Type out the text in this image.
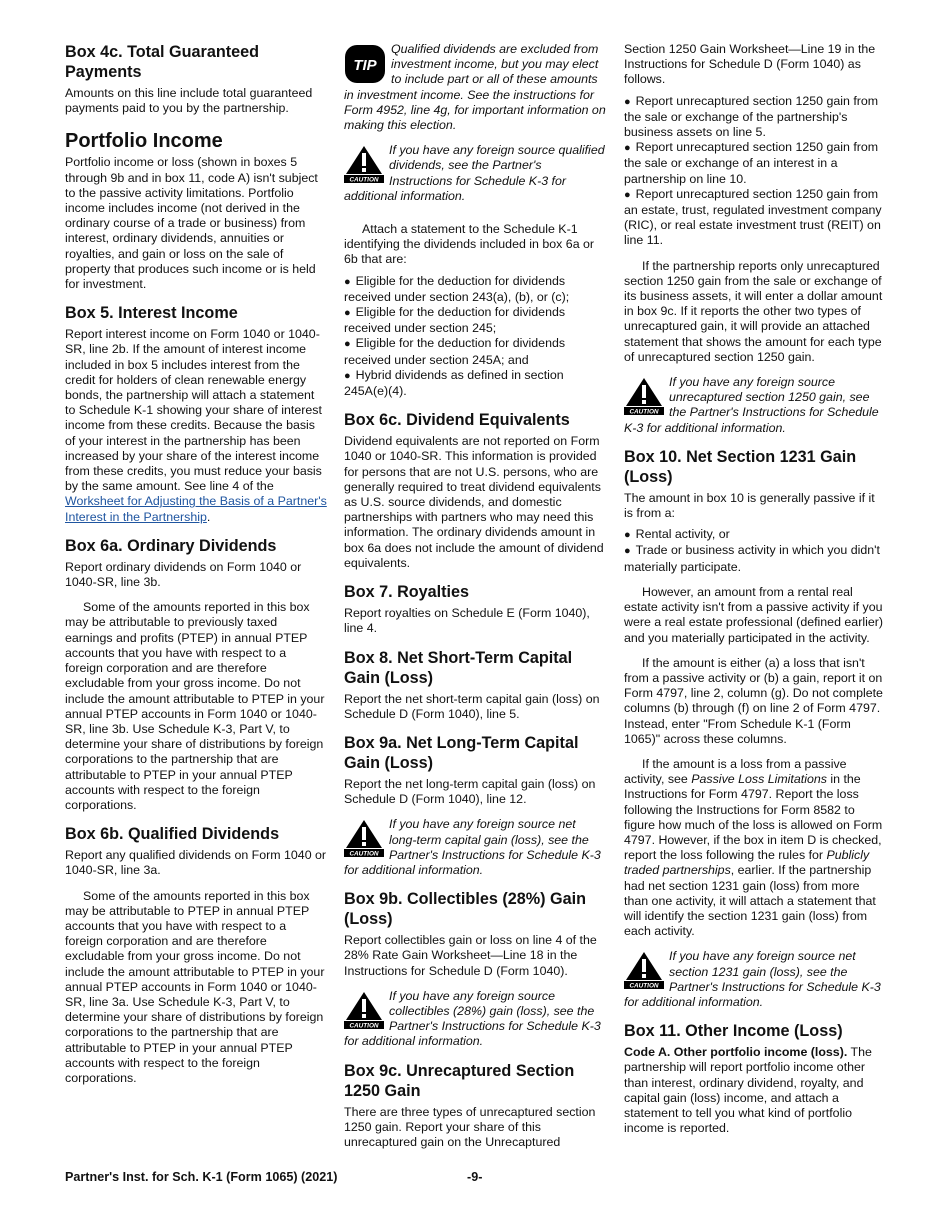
Box 4c. Total Guaranteed Payments

Amounts on this line include total guaranteed payments paid to you by the partnership.

Portfolio Income

Portfolio income or loss (shown in boxes 5 through 9b and in box 11, code A) isn't subject to the passive activity limitations. Portfolio income includes income (not derived in the ordinary course of a trade or business) from interest, ordinary dividends, annuities or royalties, and gain or loss on the sale of property that produces such income or is held for investment.

Box 5. Interest Income

Report interest income on Form 1040 or 1040-SR, line 2b. If the amount of interest income included in box 5 includes interest from the credit for holders of clean renewable energy bonds, the partnership will attach a statement to Schedule K-1 showing your share of interest income from these credits. Because the basis of your interest in the partnership has been increased by your share of the interest income from these credits, you must reduce your basis by the same amount. See line 4 of the Worksheet for Adjusting the Basis of a Partner's Interest in the Partnership.

Box 6a. Ordinary Dividends

Report ordinary dividends on Form 1040 or 1040-SR, line 3b.

Some of the amounts reported in this box may be attributable to previously taxed earnings and profits (PTEP) in annual PTEP accounts that you have with respect to a foreign corporation and are therefore excludable from your gross income. Do not include the amount attributable to PTEP in your annual PTEP accounts in Form 1040 or 1040-SR, line 3b. Use Schedule K-3, Part V, to determine your share of distributions by foreign corporations to the partnership that are attributable to PTEP in your annual PTEP accounts with respect to the foreign corporations.

Box 6b. Qualified Dividends

Report any qualified dividends on Form 1040 or 1040-SR, line 3a.

Some of the amounts reported in this box may be attributable to PTEP in annual PTEP accounts that you have with respect to a foreign corporation and are therefore excludable from your gross income. Do not include the amount attributable to PTEP in your annual PTEP accounts in Form 1040 or 1040-SR, line 3a. Use Schedule K-3, Part V, to determine your share of distributions by foreign corporations to the partnership that are attributable to PTEP in your annual PTEP accounts with respect to the foreign corporations.

TIP
Qualified dividends are excluded from investment income, but you may elect to include part or all of these amounts in investment income. See the instructions for Form 4952, line 4g, for important information on making this election.
CAUTION
If you have any foreign source qualified dividends, see the Partner's Instructions for Schedule K-3 for additional information.

Attach a statement to the Schedule K-1 identifying the dividends included in box 6a or 6b that are:

● Eligible for the deduction for dividends received under section 243(a), (b), or (c);
● Eligible for the deduction for dividends received under section 245;
● Eligible for the deduction for dividends received under section 245A; and
● Hybrid dividends as defined in section 245A(e)(4).
Box 6c. Dividend Equivalents

Dividend equivalents are not reported on Form 1040 or 1040-SR. This information is provided for persons that are not U.S. persons, who are generally required to treat dividend equivalents as U.S. source dividends, and domestic partnerships with partners who may need this information. The ordinary dividends amount in box 6a does not include the amount of dividend equivalents.

Box 7. Royalties

Report royalties on Schedule E (Form 1040), line 4.

Box 8. Net Short-Term Capital Gain (Loss)

Report the net short-term capital gain (loss) on Schedule D (Form 1040), line 5.

Box 9a. Net Long-Term Capital Gain (Loss)

Report the net long-term capital gain (loss) on Schedule D (Form 1040), line 12.

CAUTION
If you have any foreign source net long-term capital gain (loss), see the Partner's Instructions for Schedule K-3 for additional information.
Box 9b. Collectibles (28%) Gain (Loss)

Report collectibles gain or loss on line 4 of the 28% Rate Gain Worksheet—Line 18 in the Instructions for Schedule D (Form 1040).

CAUTION
If you have any foreign source collectibles (28%) gain (loss), see the Partner's Instructions for Schedule K-3 for additional information.
Box 9c. Unrecaptured Section 1250 Gain

There are three types of unrecaptured section 1250 gain. Report your share of this unrecaptured gain on the Unrecaptured

Section 1250 Gain Worksheet—Line 19 in the Instructions for Schedule D (Form 1040) as follows.

● Report unrecaptured section 1250 gain from the sale or exchange of the partnership's business assets on line 5.
● Report unrecaptured section 1250 gain from the sale or exchange of an interest in a partnership on line 10.
● Report unrecaptured section 1250 gain from an estate, trust, regulated investment company (RIC), or real estate investment trust (REIT) on line 11.

If the partnership reports only unrecaptured section 1250 gain from the sale or exchange of its business assets, it will enter a dollar amount in box 9c. If it reports the other two types of unrecaptured gain, it will provide an attached statement that shows the amount for each type of unrecaptured section 1250 gain.

CAUTION
If you have any foreign source unrecaptured section 1250 gain, see the Partner's Instructions for Schedule K-3 for additional information.
Box 10. Net Section 1231 Gain (Loss)

The amount in box 10 is generally passive if it is from a:

● Rental activity, or
● Trade or business activity in which you didn't materially participate.

However, an amount from a rental real estate activity isn't from a passive activity if you were a real estate professional (defined earlier) and you materially participated in the activity.

If the amount is either (a) a loss that isn't from a passive activity or (b) a gain, report it on Form 4797, line 2, column (g). Do not complete columns (b) through (f) on line 2 of Form 4797. Instead, enter "From Schedule K-1 (Form 1065)" across these columns.

If the amount is a loss from a passive activity, see Passive Loss Limitations in the Instructions for Form 4797. Report the loss following the Instructions for Form 8582 to figure how much of the loss is allowed on Form 4797. However, if the box in item D is checked, report the loss following the rules for Publicly traded partnerships, earlier. If the partnership had net section 1231 gain (loss) from more than one activity, it will attach a statement that will identify the section 1231 gain (loss) from each activity.

CAUTION
If you have any foreign source net section 1231 gain (loss), see the Partner's Instructions for Schedule K-3 for additional information.
Box 11. Other Income (Loss)

Code A. Other portfolio income (loss). The partnership will report portfolio income other than interest, ordinary dividend, royalty, and capital gain (loss) income, and attach a statement to tell you what kind of portfolio income is reported.

Partner's Inst. for Sch. K-1 (Form 1065) (2021)	-9-
